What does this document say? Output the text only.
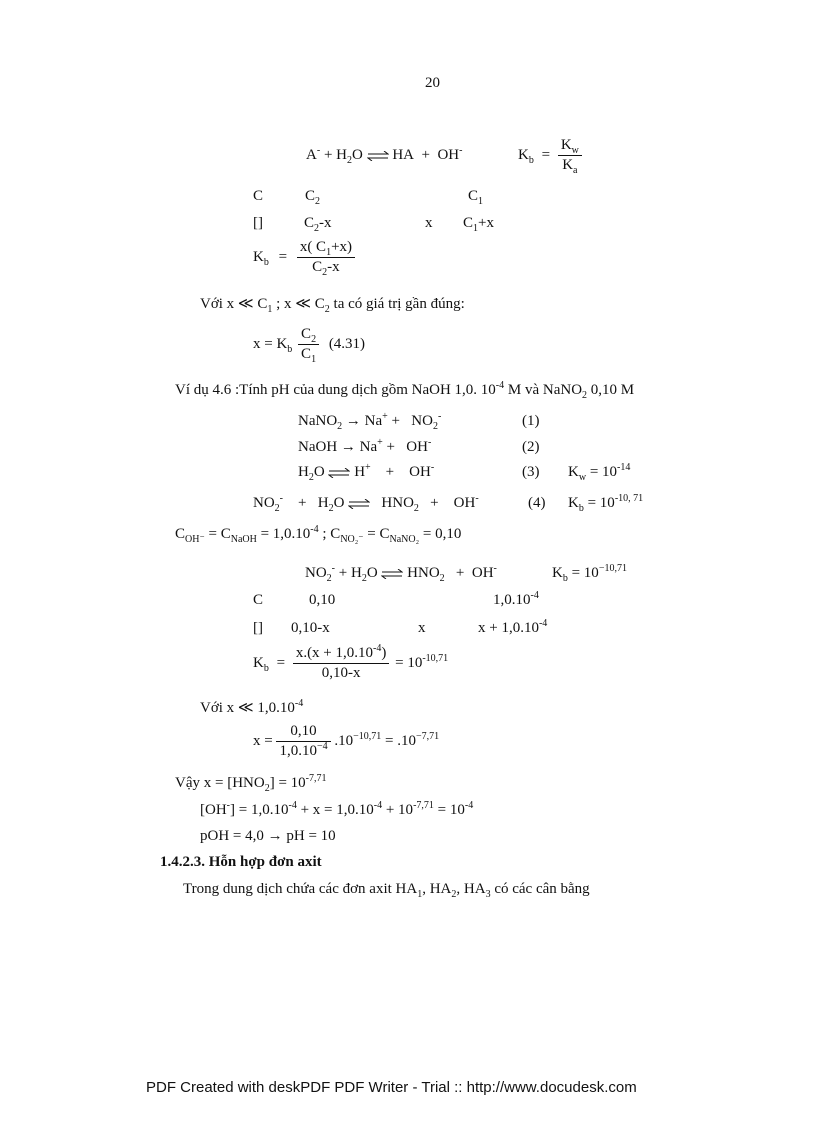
20
$A^- + H_2O$ ⇌ HA + OH-	$K_b = \frac{K_w}{K_a}$
C	$C_2$	$C_1$
[]	$C_2-x$	x $C_1+x$
$K_b = \frac{x( C_1+x)}{C_2-x}$
Với x ≪ $C_1$ ; x ≪ $C_2$ ta có giá trị gần đúng:
$x = K_b \frac{C_2}{C_1} (4.31)$
Ví dụ 4.6 :Tính pH của dung dịch gồm NaOH 1,0. $10^{-4}$ M và NaNO$_2$ 0,10 M
NaNO$_2$ → $Na^+ + NO_2^-$	(1)
NaOH → Na+ + OH-	(2)
$H_2O$ ⇌ H+ + OH-	(3) $K_w = 10^{-14}$
$NO_2^- + H_2O$ ⇌ $HNO_2 + OH^-$	(4) $K_b = 10^{-10, 71}$
$C_{OH^-} = C_{NaOH} = 1,0.10^{-4}$ ; $C_{NO_2^-} = C_{NaNO_2} = 0,10$
$NO_2^- + H_2O$ ⇌ $HNO_2 + OH^-$	$K_b = 10^{-10,71}$
C	0,10	$1,0.10^{-4}$
[] 0,10-x	x	$x + 1,0.10^{-4}$
$K_b = \frac{x.(x + 1,0.10^{-4})}{0,10-x} = 10^{-10,71}$
Với x ≪ $1,0.10^{-4}$
$x = \frac{0,10}{1,0.10^{-4}} .10^{-10,71} = .10^{-7,71}$
Vậy $x = [HNO_2] = 10^{-7,71}$
$[OH^-] = 1,0.10^{-4} + x = 1,0.10^{-4} + 10^{-7,71} = 10^{-4}$
pOH = 4,0 → pH = 10
1.4.2.3. Hỗn hợp đơn axit
Trong dung dịch chứa các đơn axit $HA_1$, $HA_2$, $HA_3$ có các cân bằng
PDF Created with deskPDF PDF Writer - Trial :: http://www.docudesk.com
